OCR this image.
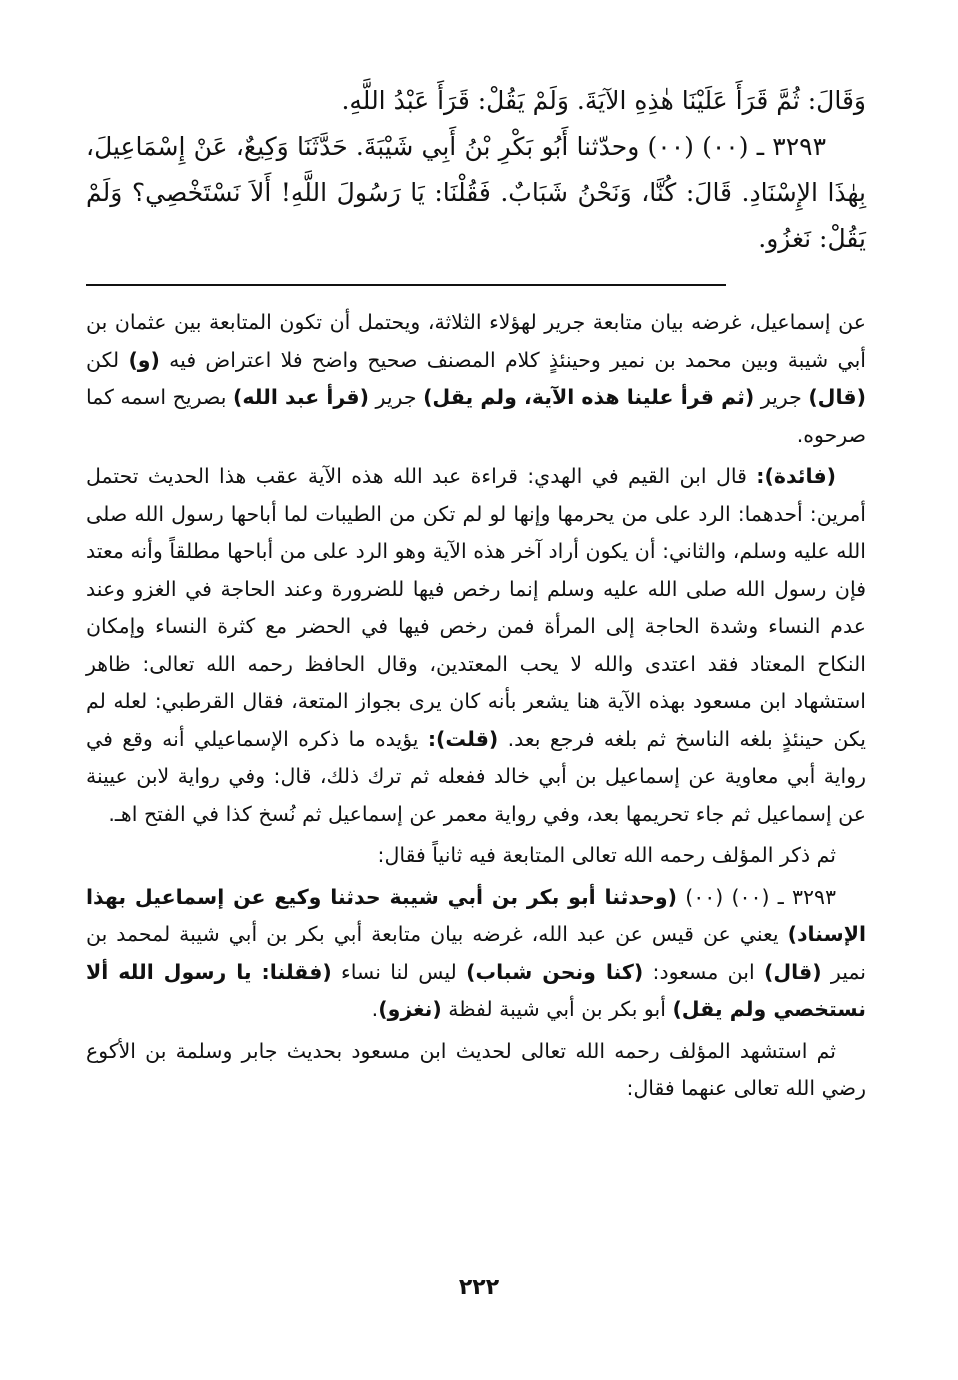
وَقَالَ: ثُمَّ قَرَأَ عَلَيْنَا هٰذِهِ الآيَةَ. وَلَمْ يَقُلْ: قَرَأَ عَبْدُ اللَّهِ.

٣٢٩٣ ـ (٠٠) (٠٠) وحدّثنا أَبُو بَكْرِ بْنُ أَبِي شَيْبَةَ. حَدَّثَنَا وَكِيعٌ، عَنْ إِسْمَاعِيلَ، بِهٰذَا الإِسْنَادِ. قَالَ: كُنَّا، وَنَحْنُ شَبَابٌ. فَقُلْنَا: يَا رَسُولَ اللَّهِ! أَلاَ نَسْتَخْصِي؟ وَلَمْ يَقُلْ: نَغزُو.

عن إسماعيل، غرضه بيان متابعة جرير لهؤلاء الثلاثة، ويحتمل أن تكون المتابعة بين عثمان بن أبي شيبة وبين محمد بن نمير وحينئذٍ كلام المصنف صحيح واضح فلا اعتراض فيه (و) لكن (قال) جرير (ثم قرأ علينا هذه الآية، ولم يقل) جرير (قرأ عبد الله) بصريح اسمه كما صرحوه.

(فائدة): قال ابن القيم في الهدي: قراءة عبد الله هذه الآية عقب هذا الحديث تحتمل أمرين: أحدهما: الرد على من يحرمها وإنها لو لم تكن من الطيبات لما أباحها رسول الله صلى الله عليه وسلم، والثاني: أن يكون أراد آخر هذه الآية وهو الرد على من أباحها مطلقاً وأنه معتد فإن رسول الله صلى الله عليه وسلم إنما رخص فيها للضرورة وعند الحاجة في الغزو وعند عدم النساء وشدة الحاجة إلى المرأة فمن رخص فيها في الحضر مع كثرة النساء وإمكان النكاح المعتاد فقد اعتدى والله لا يحب المعتدين، وقال الحافظ رحمه الله تعالى: ظاهر استشهاد ابن مسعود بهذه الآية هنا يشعر بأنه كان يرى بجواز المتعة، فقال القرطبي: لعله لم يكن حينئذٍ بلغه الناسخ ثم بلغه فرجع بعد. (قلت): يؤيده ما ذكره الإسماعيلي أنه وقع في رواية أبي معاوية عن إسماعيل بن أبي خالد ففعله ثم ترك ذلك، قال: وفي رواية لابن عيينة عن إسماعيل ثم جاء تحريمها بعد، وفي رواية معمر عن إسماعيل ثم نُسخ كذا في الفتح اهـ.

ثم ذكر المؤلف رحمه الله تعالى المتابعة فيه ثانياً فقال:

٣٢٩٣ ـ (٠٠) (٠٠) (وحدثنا أبو بكر بن أبي شيبة حدثنا وكيع عن إسماعيل بهذا الإسناد) يعني عن قيس عن عبد الله، غرضه بيان متابعة أبي بكر بن أبي شيبة لمحمد بن نمير (قال) ابن مسعود: (كنا ونحن شباب) ليس لنا نساء (فقلنا: يا رسول الله ألا نستخصي ولم يقل) أبو بكر بن أبي شيبة لفظة (نغزو).

ثم استشهد المؤلف رحمه الله تعالى لحديث ابن مسعود بحديث جابر وسلمة بن الأكوع رضي الله تعالى عنهما فقال:

٢٢٢
